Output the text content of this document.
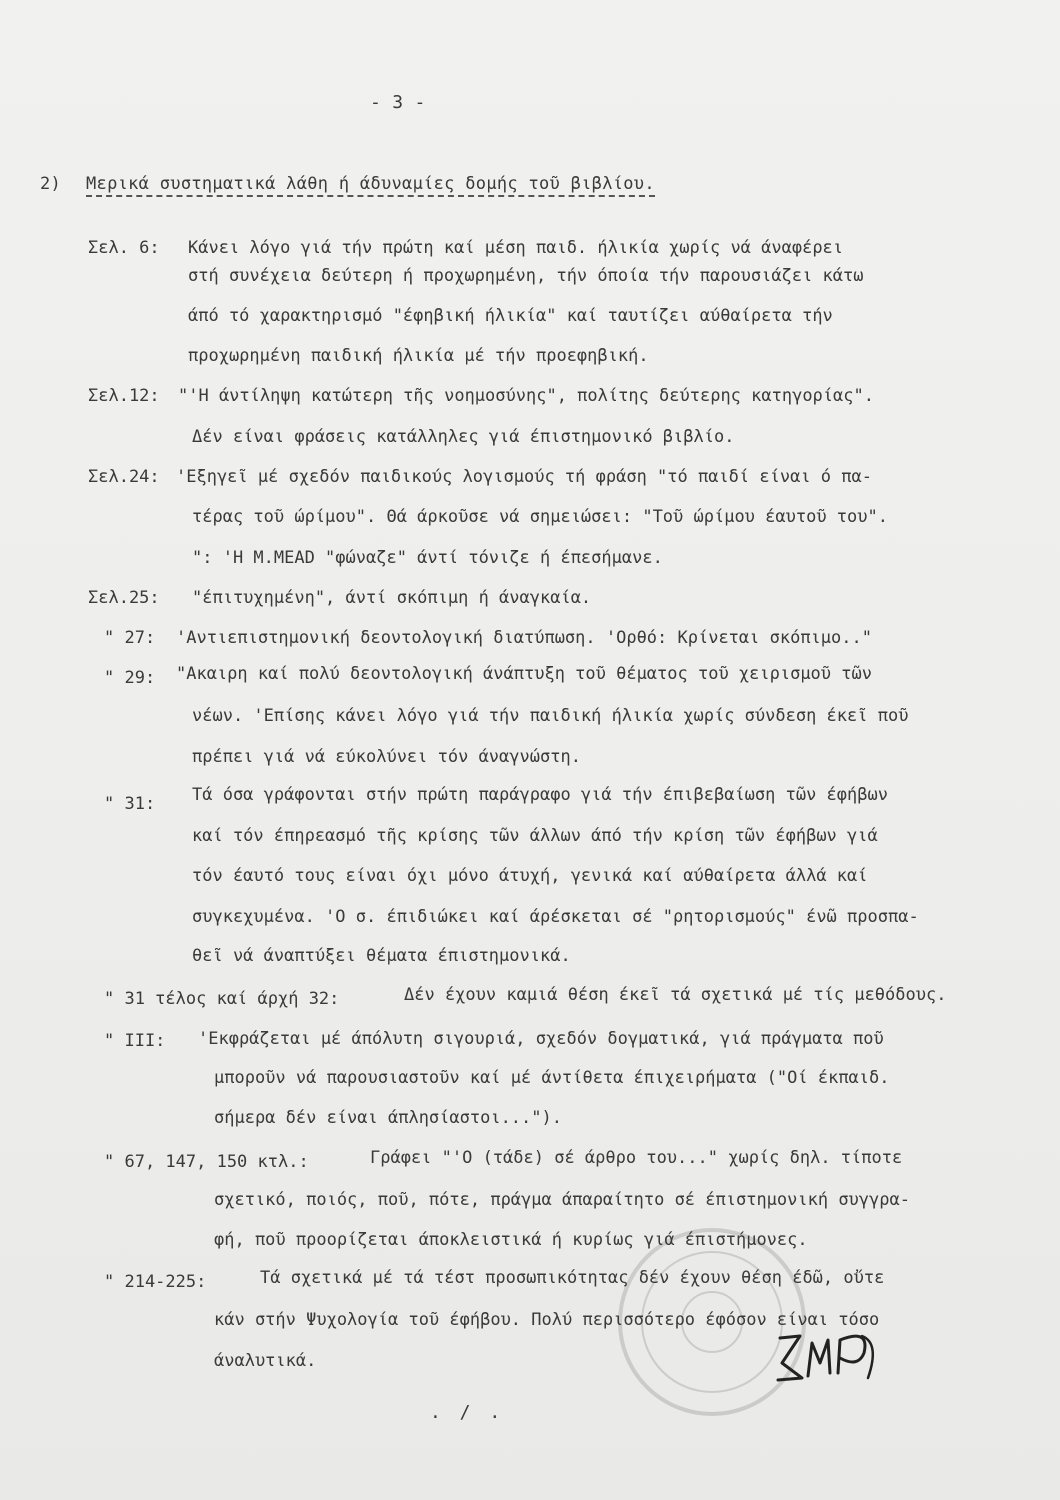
- 3 -
2) Μερικά συστηματικά λάθη ή άδυναμίες δομής τοῦ βιβλίου.
Σελ. 6: Κάνει λόγο γιά τήν πρώτη καί μέση παιδ. ήλικία χωρίς νά άναφέρει
στή συνέχεια δεύτερη ή προχωρημένη, τήν όποία τήν παρουσιάζει κάτω
άπό τό χαρακτηρισμό "έφηβική ήλικία" καί ταυτίζει αύθαίρετα τήν
προχωρημένη παιδική ήλικία μέ τήν προεφηβική.
Σελ.12: "'Η άντίληψη κατώτερη τῆς νοημοσύνης", πολίτης δεύτερης κατηγορίας".
Δέν είναι φράσεις κατάλληλες γιά έπιστημονικό βιβλίο.
Σελ.24: 'Εξηγεῖ μέ σχεδόν παιδικούς λογισμούς τή φράση "τό παιδί είναι ό πα-
τέρας τοῦ ώρίμου". Θά άρκοῦσε νά σημειώσει: "Τοῦ ώρίμου έαυτοῦ του".
": 'Η M.MEAD "φώναζε" άντί τόνιζε ή έπεσήμανε.
Σελ.25: "έπιτυχημένη", άντί σκόπιμη ή άναγκαία.
" 27: 'Αντιεπιστημονική δεοντολογική διατύπωση. 'Ορθό: Κρίνεται σκόπιμο.."
" 29: "Ακαιρη καί πολύ δεοντολογική άνάπτυξη τοῦ θέματος τοῦ χειρισμοῦ τῶν
νέων. 'Επίσης κάνει λόγο γιά τήν παιδική ήλικία χωρίς σύνδεση έκεῖ ποῦ
πρέπει γιά νά εύκολύνει τόν άναγνώστη.
" 31: Τά όσα γράφονται στήν πρώτη παράγραφο γιά τήν έπιβεβαίωση τῶν έφήβων
καί τόν έπηρεασμό τῆς κρίσης τῶν άλλων άπό τήν κρίση τῶν έφήβων γιά
τόν έαυτό τους είναι όχι μόνο άτυχή, γενικά καί αύθαίρετα άλλά καί
συγκεχυμένα. 'Ο σ. έπιδιώκει καί άρέσκεται σέ "ρητορισμούς" ένῶ προσπα-
θεῖ νά άναπτύξει θέματα έπιστημονικά.
" 31 τέλος καί άρχή 32:	Δέν έχουν καμιά θέση έκεῖ τά σχετικά μέ τίς μεθόδους.
" III: 'Εκφράζεται μέ άπόλυτη σιγουριά, σχεδόν δογματικά, γιά πράγματα ποῦ
μποροῦν νά παρουσιαστοῦν καί μέ άντίθετα έπιχειρήματα ("Οί έκπαιδ.
σήμερα δέν είναι άπλησίαστοι...").
" 67, 147, 150 κτλ.:	Γράφει "'Ο (τάδε) σέ άρθρο του..." χωρίς δηλ. τίποτε
σχετικό, ποιός, ποῦ, πότε, πράγμα άπαραίτητο σέ έπιστημονική συγγρα-
φή, ποῦ προορίζεται άποκλειστικά ή κυρίως γιά έπιστήμονες.
" 214-225:	Τά σχετικά μέ τά τέστ προσωπικότητας δέν έχουν θέση έδῶ, οὔτε
κάν στήν Ψυχολογία τοῦ έφήβου. Πολύ περισσότερο έφόσον είναι τόσο
άναλυτικά.
. / .
